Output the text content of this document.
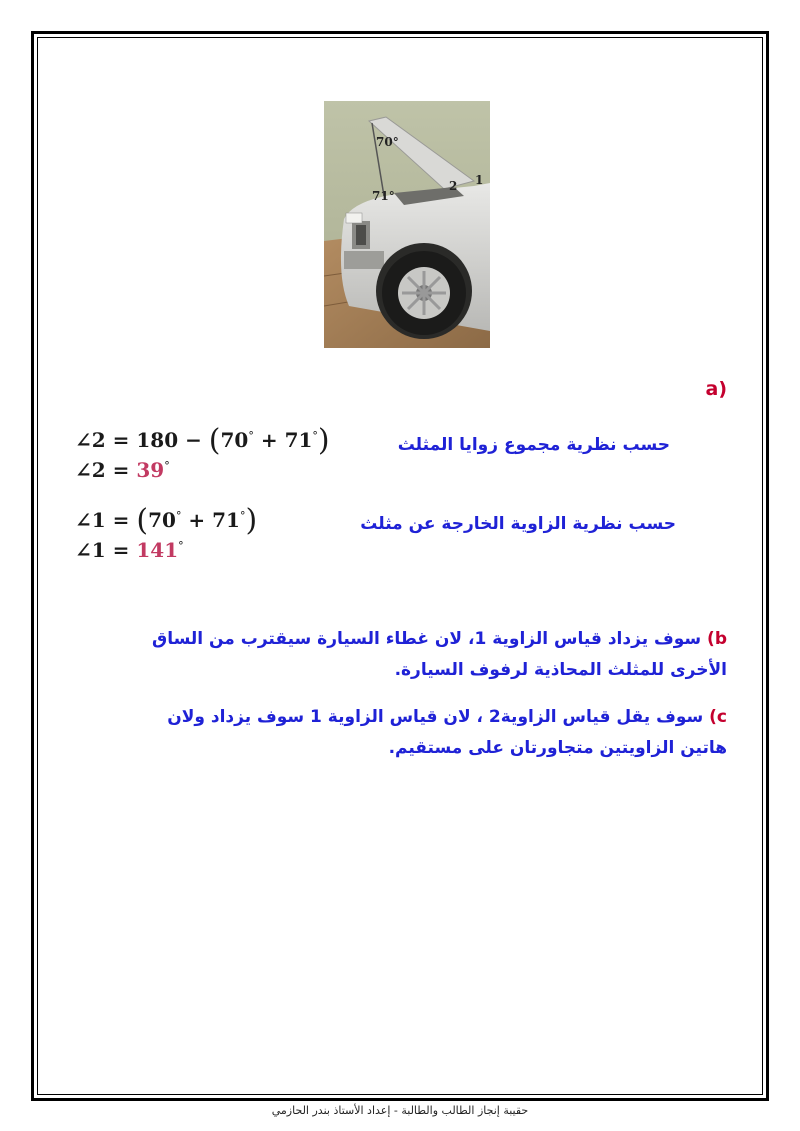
70°
71°
2 1
(a
حسب نظرية مجموع زوايا المثلث
∠2 = 180 − (70° + 71°)
∠2 = 39°
حسب نظرية الزاوية الخارجة عن مثلث
∠1 = (70° + 71°)
∠1 = 141°
b) سوف يزداد قياس الزاوية 1، لان غطاء السيارة سيقترب من الساق الأخرى للمثلث المحاذية لرفوف السيارة.
c) سوف يقل قياس الزاوية2 ، لان قياس الزاوية 1 سوف يزداد ولان هاتين الزاويتين متجاورتان على مستقيم.
حقيبة إنجاز الطالب والطالبة - إعداد الأستاذ بندر الحازمي
